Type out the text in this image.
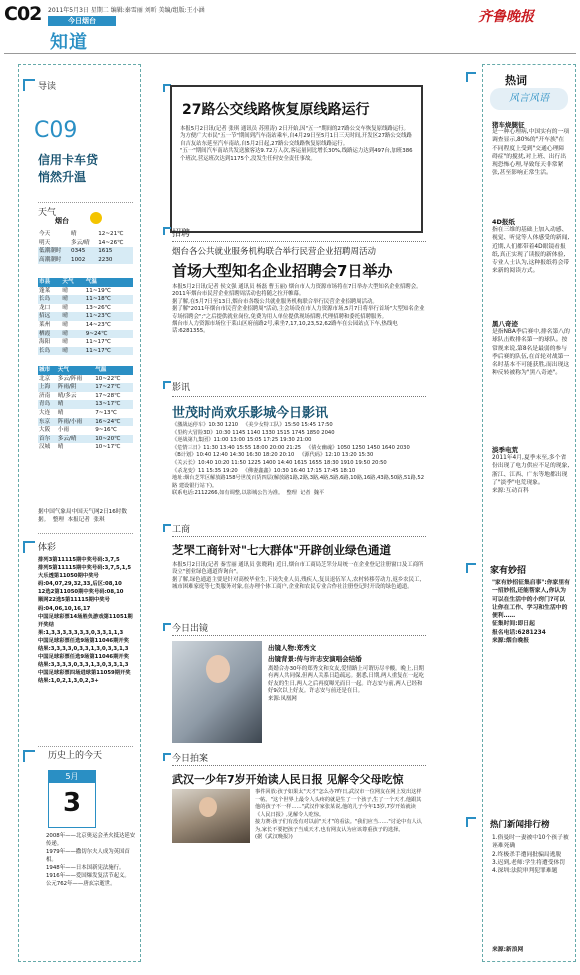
C02 2011年5月3日 星期二 编辑:秦雪丽 刘昕 美编/组版:王小涵
今日烟台
知道
齐鲁晚报
导读
C09
信用卡车贷
悄然升温
天气
烟台
今天	晴	12~21℃
明天	多云/晴	14~26℃
低潮潮时	0345	1615
高潮潮时	1002	2230
市县	天气	气温
蓬莱	晴	11~19℃
长岛	晴	11~18℃
龙口	晴	13~26℃
招远	晴	11~23℃
莱州	晴	14~23℃
栖霞	晴	9~24℃
海阳	晴	11~17℃
长岛	晴	11~17℃
城市	天气	气温
北京	多云/阵雨	10~22℃
上海	阵雨/阴	17~27℃
济南	晴/多云	17~28℃
青岛	晴	13~17℃
大连	晴	7~13℃
东京	阵雨/小雨	16~24℃
大阪	小雨	9~16℃
首尔	多云/晴	10~20℃
汉城	晴	10~17℃
据中国气象局中国天气网2日16时数据。  整理  本报记者  张琪
体彩
排列3第11115期中奖号码:3,7,5
排列5第11115期中奖号码:3,7,5,1,5
大乐透第11050期中奖号码:04,07,29,32,33,后区:08,10
12选2第11050期中奖号码:08,10
顺网22选5第11115期中奖号码:04,06,10,16,17
中国足球彩票14场胜负游戏第11051期开奖结果:1,3,3,3,3,3,3,3,0,3,3,1,1,3
中国足球彩票任选9场第11046期开奖结果:3,3,3,3,0,3,3,1,3,0,3,3,1,3
中国足球彩票任选9场第11046期开奖结果:3,3,3,3,0,3,3,1,3,0,3,3,1,3
中国足球彩票四场进球第11059期开奖结果:1,0,2,1,3,0,2,3+
历史上的今天
5月
3
2008年——北京奥运会圣火抵达延安传递。
1979年——撒切尔夫人成为英国首相。
1948年——日本国新宪法施行。
1916年——爱国爆发复活节起义。
公元762年——唐玄宗逝世。
27路公交线路恢复原线路运行
本报5月2日讯(记者 张琪 通讯员 苏照涛) 2日开始,因"五一"期间的27路公交车恢复原线路运行。
为方便广大市民"五一节"期间到汽车南站乘车,自4月29日至5月1日三天时间,开发区27路公交线路自吉友站东延至汽车南站,自5月2日起,27路公交线路恢复原线路运行。
"五一"期间汽车南站共发送旅客达9.72万人次,客运量同比增长30%,线路运力达到497台,加班386个班次,营运班次达到1175个,没发生任何安全责任事故。
招聘
烟台各公共就业服务机构联合举行民营企业招聘周活动
首场大型知名企业招聘会7日举办
本报5月2日讯(记者 侯文强 通讯员 杨磊 曹玉丽) 烟台市人力资源市场将在7日举办大型知名企业招聘会。2011年烟台市民营企业招聘周活动也将随之拉开帷幕。
据了解,在5月7日至13日,烟台市各级公共就业服务机构联合举行民营企业招聘周活动。
据了解"2011年烟台市民营企业招聘周"活动,主会场设在市人力资源市场,5月7日将举行首场"大型知名企业专场招聘会";"之后提供就业岗位,免费为用人单位提供现场招聘,代理招聘和委托招聘服务。
烟台市人力资源市场位于莱山区府前路2号,乘坐7,17,10,23,52,62路车在公园站点下车,热线电话:6281355。
影讯
世茂时尚欢乐影城今日影讯
《激战运停车》10:30 1210   《美少女特工队》15:50 15:45 17:50
《里约大冒险3D》10:30 1145 1140 1330 1515 1745 1850 2040
《逆战第九集团》11:00 13:00 15:05 17:25 19:30 21:00
《危情三日》11:30 13:40 15:55 18:00 20:00 21:25   《倩女幽魂》1050 1250 1450 1640 2030
《B计划》10:40 12:40 14:30 16:30 18:20 20:10   《源代码》12:10 13:20 15:30
《关云长》10:40 10:20 11:50 1225 1400 14:40 1615 1655 18:30 1910 19:50 20:50
《杀龙变》11 15:35 19:20   《佛妻鑫鑫》10:30 16:40 17:15 17:45 18:10
地址:烟台芝罘区解放路158号世茂百货四层(解放路1路,2路,3路,4路,5路,6路,10路,16路,43路,50路,51路,52路 建设银行站下)。
联系电话:2112266,如有调整,以影城公告为准。  整理  记者  魏平
工商
芝罘工商针对"七大群体"开辟创业绿色通道
本报5月2日讯(记者 秦雪丽 通讯员 张晓莉) 近日,烟台市工商局芝罘分局统一在企业登记注册窗口及工商所设立"创业绿色通道咨询台"。
据了解,绿色通道主要是针对高校毕业生,下岗失业人员,残疾人,复员退伍军人,农村转移劳动力,返乡农民工,城市困难家庭等七类服务对象,在办理个体工商户,企业和农民专业合作社注册登记时开设的绿色通道。
今日出镜
出镜人物:郑秀文
出镜背景:传与许志安演唱会结婚
离婚合办30年的郑秀文和女友,爱情路上可谓历尽辛酸。晚上,日期有两人共同保,但两人关系日趋疏远。据悉,日期,两人重复在一起吃好友的生日,两人之后再度曝光而日一起。许志安与前,两人已经和好9次以上好友。许志安与前还是在日。
来源:凤凰网
今日拍案
武汉一少年7岁开始读人民日报 见解令父母吃惊
事件回放:孩子如果太"天才"怎么办?昨日,武汉市一位网友在网上发出这样一帖。"这个世界上最令人头疼的就是生了一个孩子,生了一个天才,他跟其他的孩子不一样……"武汉作家张某说,他的儿子今年13岁,7岁开始就读《人民日报》,见解令人吃惊。
接力赛:孩子们有没有对以前"天才"的看法。"我们应当……"讨论中有人认为,家长不要把孩子当成天才,也有网友认为应该尊重孩子的选择。
(据《武汉晚报》)
热词
风言风语
猪车烧腿征
是一种心理病,中国实有的一项调查显示,80%的"开车族"在不同程度上受到"交通心理障碍症"的搅扰,对上班、出行出现恐怖心理,导致每天非常紧张,甚至影响正常生活。
4D报纸
指在三维的基础上加入动感、视觉、听觉等人体感受的新闻,近期,人们都带着4D眼镜看报纸,真正实现了读报的新体验,专业人士认为,这种报纸将会带来新的阅读方式。
黑八奇迹
是指NBA季后赛中,排名第八的球队击败排名第一的球队。按常规来说,第8名是最弱的参与季后赛的队伍,在首轮对战第一名时基本不可能获胜,而出现这种反转被称为"黑八奇迹"。
淡季电荒
2011年4月,夏季未至,多个省份出现了电力供应不足的现象,浙江、江西、广东等地都出现了"淡季"电荒现象。
来源:互动百科
家有妙招
"家有妙招征集启事":你家里有一招妙招,还能帮家人,你认为可以在生活中的小窍门?可以让你在工作、学习和生活中的便利……
征集时间:即日起
报名电话:6281234
来源:烟台晚报
热门新闻排行榜
1.俗曼时一妻被中10个孩子被诬难死确
2.终极杀手遭同批骗局逃脱
3.迟到,老师:学生将遭受体罚
4.深圳:法院审判犯罪难题
来源:新浪网
